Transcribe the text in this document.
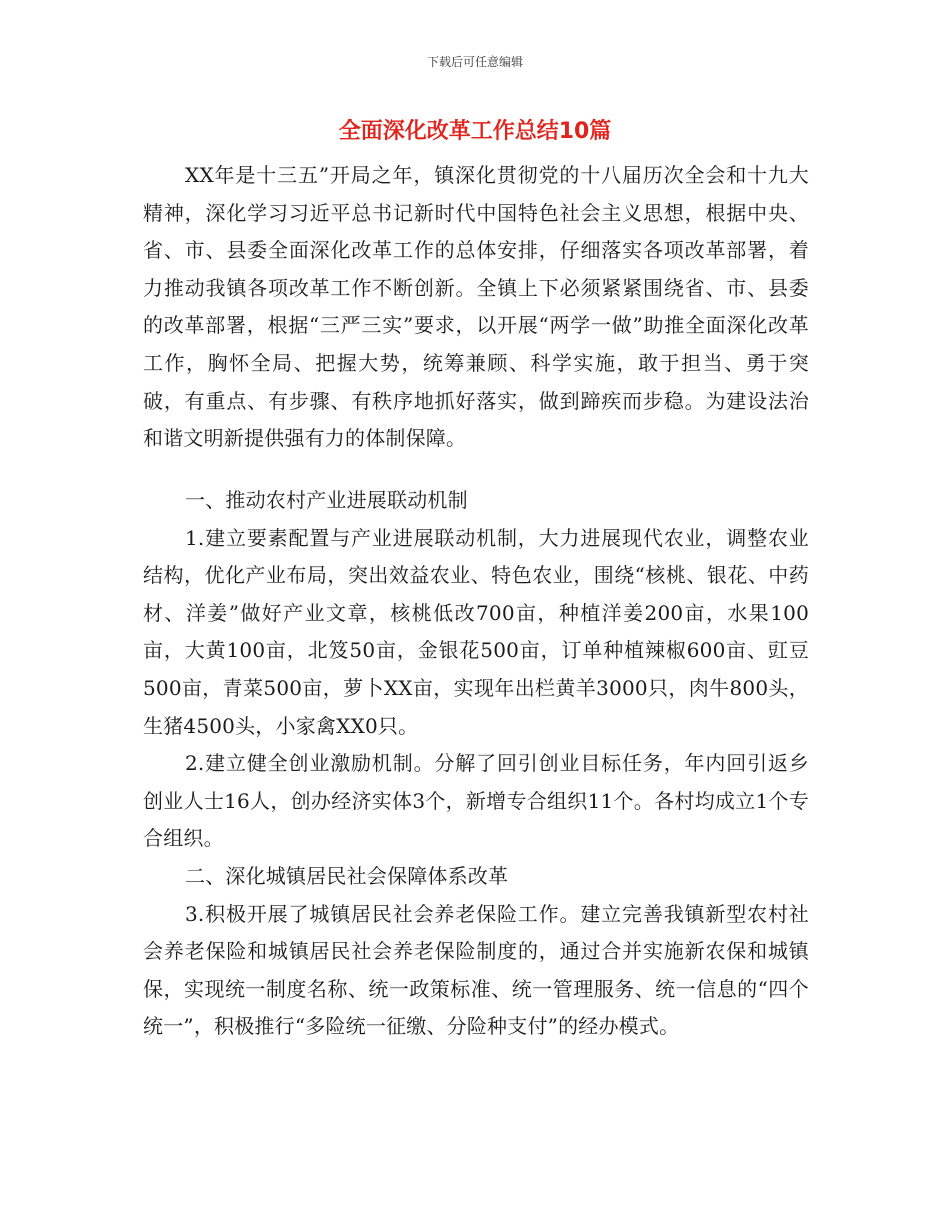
下载后可任意编辑
全面深化改革工作总结10篇

XX年是十三五”开局之年，镇深化贯彻党的十八届历次全会和十九大精神，深化学习习近平总书记新时代中国特色社会主义思想，根据中央、省、市、县委全面深化改革工作的总体安排，仔细落实各项改革部署，着力推动我镇各项改革工作不断创新。全镇上下必须紧紧围绕省、市、县委的改革部署，根据“三严三实”要求，以开展“两学一做”助推全面深化改革工作，胸怀全局、把握大势，统筹兼顾、科学实施，敢于担当、勇于突破，有重点、有步骤、有秩序地抓好落实，做到蹄疾而步稳。为建设法治和谐文明新提供强有力的体制保障。

一、推动农村产业进展联动机制

1.建立要素配置与产业进展联动机制，大力进展现代农业，调整农业结构，优化产业布局，突出效益农业、特色农业，围绕“核桃、银花、中药材、洋姜”做好产业文章，核桃低改700亩，种植洋姜200亩，水果100亩，大黄100亩，北笈50亩，金银花500亩，订单种植辣椒600亩、豇豆500亩，青菜500亩，萝卜XX亩，实现年出栏黄羊3000只，肉牛800头，生猪4500头，小家禽XX0只。

2.建立健全创业激励机制。分解了回引创业目标任务，年内回引返乡创业人士16人，创办经济实体3个，新增专合组织11个。各村均成立1个专合组织。

二、深化城镇居民社会保障体系改革

3.积极开展了城镇居民社会养老保险工作。建立完善我镇新型农村社会养老保险和城镇居民社会养老保险制度的，通过合并实施新农保和城镇保，实现统一制度名称、统一政策标准、统一管理服务、统一信息的“四个统一”，积极推行“多险统一征缴、分险种支付”的经办模式。
